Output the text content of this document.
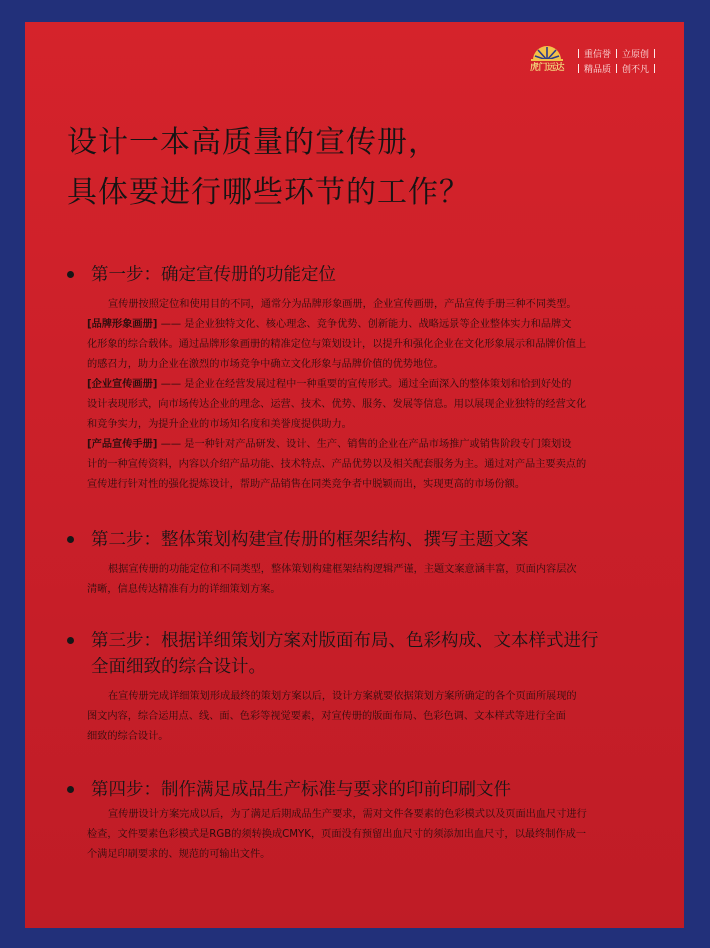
虎门远达
重信誉 立原创
精品质 创不凡
设计一本高质量的宣传册，
具体要进行哪些环节的工作？
第一步：确定宣传册的功能定位
宣传册按照定位和使用目的不同，通常分为品牌形象画册，企业宣传画册，产品宣传手册三种不同类型。
[品牌形象画册] —— 是企业独特文化、核心理念、竞争优势、创新能力、战略远景等企业整体实力和品牌文
化形象的综合载体。通过品牌形象画册的精准定位与策划设计，以提升和强化企业在文化形象展示和品牌价值上
的感召力，助力企业在激烈的市场竞争中确立文化形象与品牌价值的优势地位。
[企业宣传画册] —— 是企业在经营发展过程中一种重要的宣传形式。通过全面深入的整体策划和恰到好处的
设计表现形式，向市场传达企业的理念、运营、技术、优势、服务、发展等信息。用以展现企业独特的经营文化
和竞争实力，为提升企业的市场知名度和美誉度提供助力。
[产品宣传手册] —— 是一种针对产品研发、设计、生产、销售的企业在产品市场推广或销售阶段专门策划设
计的一种宣传资料，内容以介绍产品功能、技术特点、产品优势以及相关配套服务为主。通过对产品主要卖点的
宣传进行针对性的强化提炼设计，帮助产品销售在同类竞争者中脱颖而出，实现更高的市场份额。
第二步：整体策划构建宣传册的框架结构、撰写主题文案
根据宣传册的功能定位和不同类型，整体策划构建框架结构逻辑严谨，主题文案意涵丰富，页面内容层次
清晰，信息传达精准有力的详细策划方案。
第三步：根据详细策划方案对版面布局、色彩构成、文本样式进行
全面细致的综合设计。
在宣传册完成详细策划形成最终的策划方案以后，设计方案就要依据策划方案所确定的各个页面所展现的
图文内容，综合运用点、线、面、色彩等视觉要素，对宣传册的版面布局、色彩色调、文本样式等进行全面
细致的综合设计。
第四步：制作满足成品生产标准与要求的印前印刷文件
宣传册设计方案完成以后，为了满足后期成品生产要求，需对文件各要素的色彩模式以及页面出血尺寸进行
检查，文件要素色彩模式是RGB的须转换成CMYK，页面没有预留出血尺寸的须添加出血尺寸，以最终制作成一
个满足印刷要求的、规范的可输出文件。
